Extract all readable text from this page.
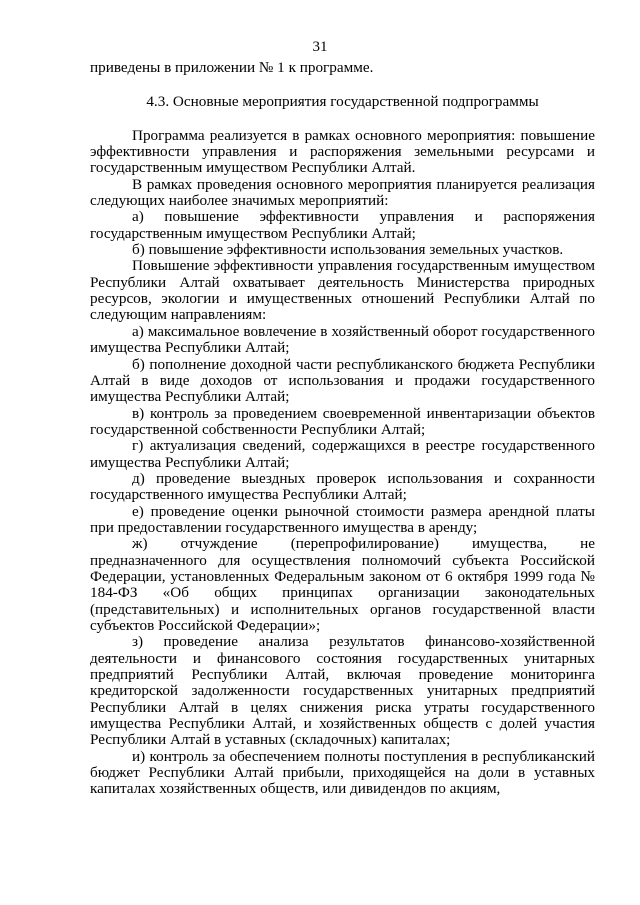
31

приведены в приложении № 1 к программе.

4.3. Основные мероприятия государственной подпрограммы

Программа реализуется в рамках основного мероприятия: повышение эффективности управления и распоряжения земельными ресурсами и государственным имуществом Республики Алтай.

В рамках проведения основного мероприятия планируется реализация следующих наиболее значимых мероприятий:

а) повышение эффективности управления и распоряжения государственным имуществом Республики Алтай;

б) повышение эффективности использования земельных участков.

Повышение эффективности управления государственным имуществом Республики Алтай охватывает деятельность Министерства природных ресурсов, экологии и имущественных отношений Республики Алтай по следующим направлениям:

а) максимальное вовлечение в хозяйственный оборот государственного имущества Республики Алтай;

б) пополнение доходной части республиканского бюджета Республики Алтай в виде доходов от использования и продажи государственного имущества Республики Алтай;

в) контроль за проведением своевременной инвентаризации объектов государственной собственности Республики Алтай;

г) актуализация сведений, содержащихся в реестре государственного имущества Республики Алтай;

д) проведение выездных проверок использования и сохранности государственного имущества Республики Алтай;

е) проведение оценки рыночной стоимости размера арендной платы при предоставлении государственного имущества в аренду;

ж) отчуждение (перепрофилирование) имущества, не предназначенного для осуществления полномочий субъекта Российской Федерации, установленных Федеральным законом от 6 октября 1999 года № 184-ФЗ «Об общих принципах организации законодательных (представительных) и исполнительных органов государственной власти субъектов Российской Федерации»;

з) проведение анализа результатов финансово-хозяйственной деятельности и финансового состояния государственных унитарных предприятий Республики Алтай, включая проведение мониторинга кредиторской задолженности государственных унитарных предприятий Республики Алтай в целях снижения риска утраты государственного имущества Республики Алтай, и хозяйственных обществ с долей участия Республики Алтай в уставных (складочных) капиталах;

и) контроль за обеспечением полноты поступления в республиканский бюджет Республики Алтай прибыли, приходящейся на доли в уставных капиталах хозяйственных обществ, или дивидендов по акциям,
